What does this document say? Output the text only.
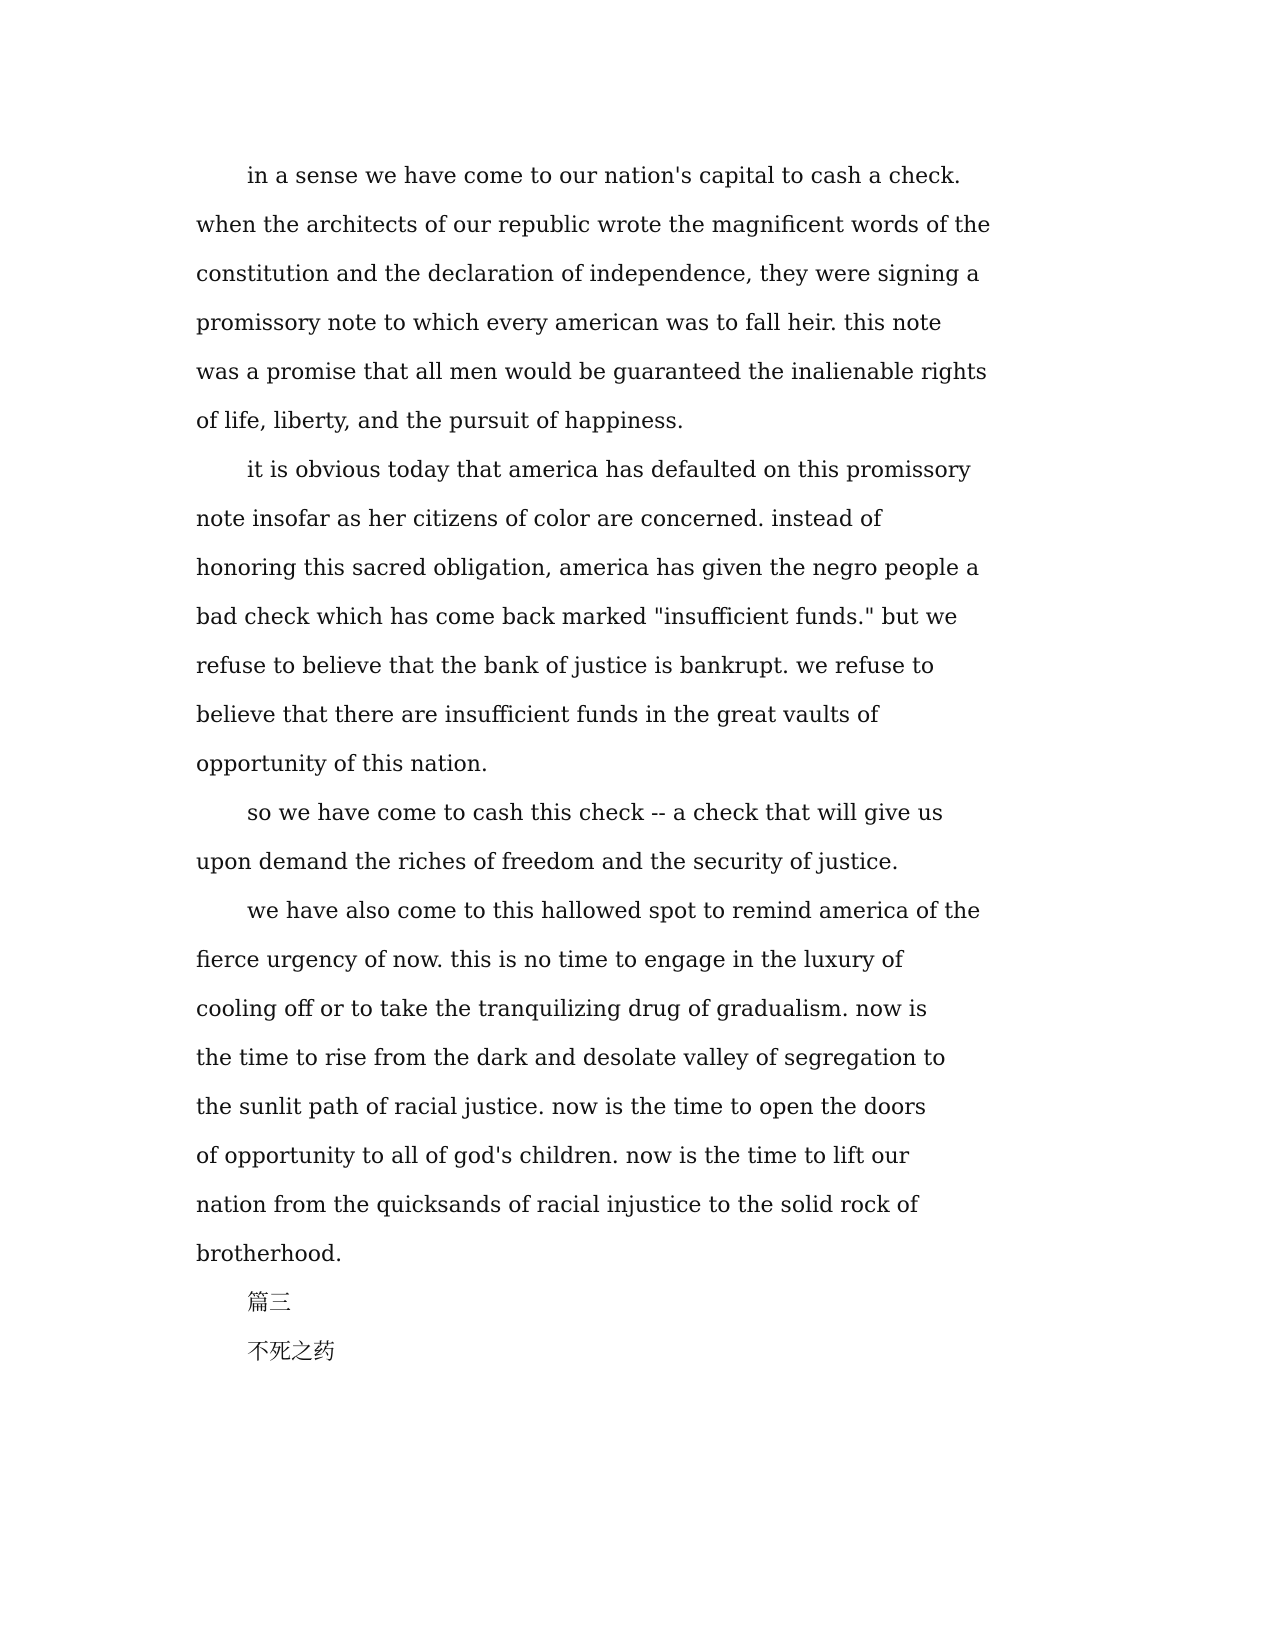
in a sense we have come to our nation's capital to cash a check.
when the architects of our republic wrote the magnificent words of the
constitution and the declaration of independence, they were signing a
promissory note to which every american was to fall heir. this note
was a promise that all men would be guaranteed the inalienable rights
of life, liberty, and the pursuit of happiness.
it is obvious today that america has defaulted on this promissory
note insofar as her citizens of color are concerned. instead of
honoring this sacred obligation, america has given the negro people a
bad check which has come back marked "insufficient funds." but we
refuse to believe that the bank of justice is bankrupt. we refuse to
believe that there are insufficient funds in the great vaults of
opportunity of this nation.
so we have come to cash this check -- a check that will give us
upon demand the riches of freedom and the security of justice.
we have also come to this hallowed spot to remind america of the
fierce urgency of now. this is no time to engage in the luxury of
cooling off or to take the tranquilizing drug of gradualism. now is
the time to rise from the dark and desolate valley of segregation to
the sunlit path of racial justice. now is the time to open the doors
of opportunity to all of god's children. now is the time to lift our
nation from the quicksands of racial injustice to the solid rock of
brotherhood.
篇三
不死之药
